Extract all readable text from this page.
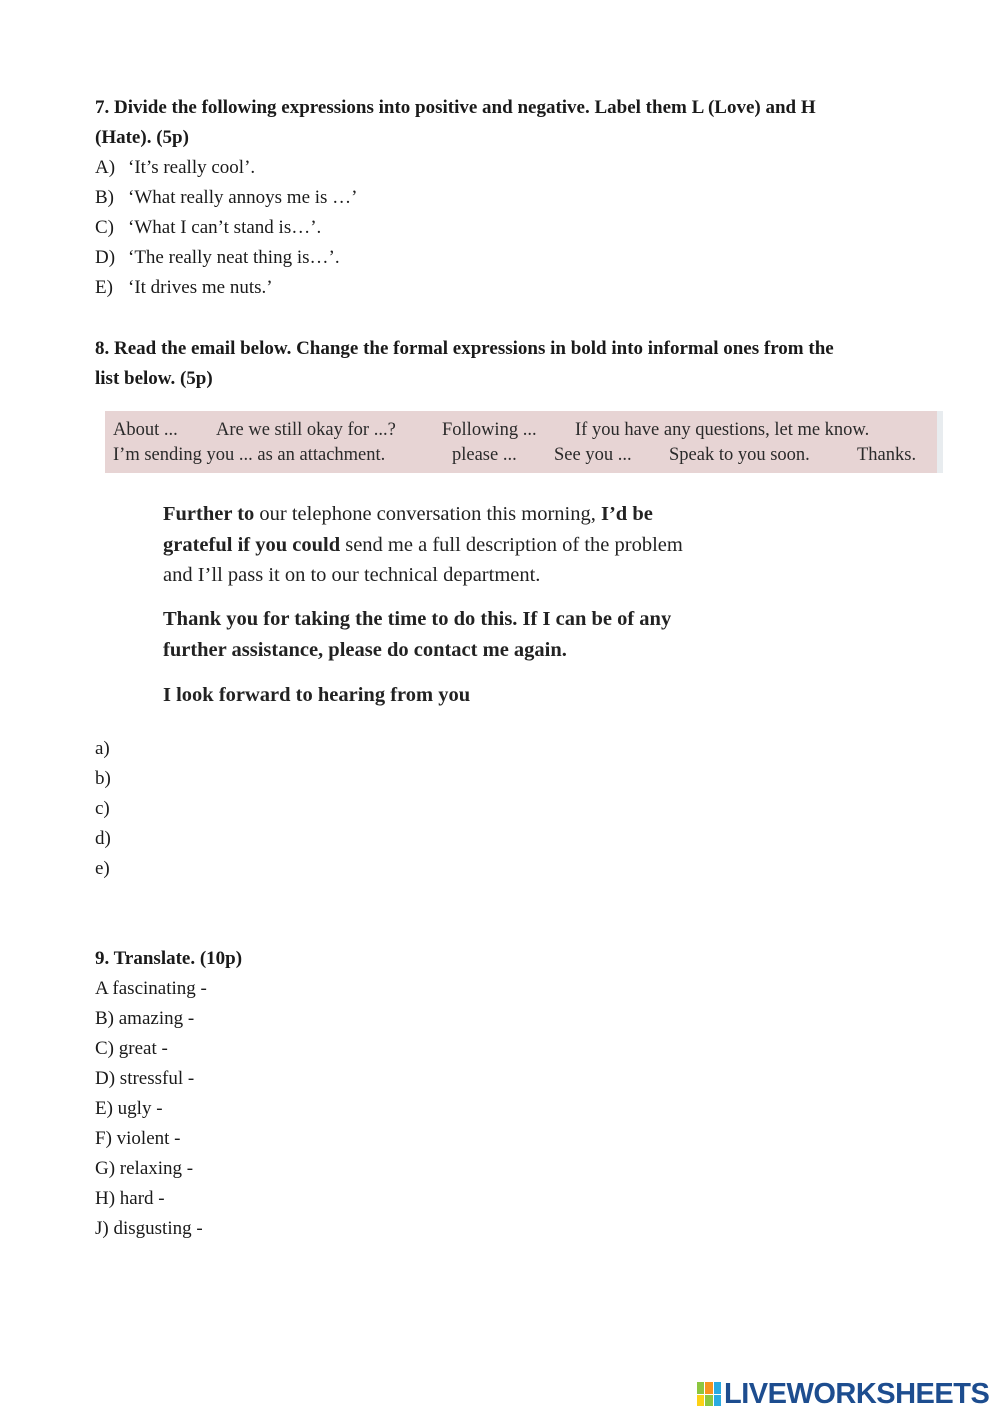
7. Divide the following expressions into positive and negative. Label them L (Love) and H
(Hate). (5p)
A) ‘It’s really cool’.
B) ‘What really annoys me is …’
C) ‘What I can’t stand is…’.
D) ‘The really neat thing is…’.
E) ‘It drives me nuts.’
8. Read the email below. Change the formal expressions in bold into informal ones from the
list below. (5p)
About ... Are we still okay for ...? Following ... If you have any questions, let me know.
I’m sending you ... as an attachment.	please ... See you ... Speak to you soon.	Thanks.
Further to our telephone conversation this morning, I’d be
grateful if you could send me a full description of the problem
and I’ll pass it on to our technical department.
Thank you for taking the time to do this. If I can be of any
further assistance, please do contact me again.
I look forward to hearing from you
a)
b)
c)
d)
e)
9. Translate. (10p)
A fascinating -
B) amazing -
C) great -
D) stressful -
E) ugly -
F) violent -
G) relaxing -
H) hard -
J) disgusting -
LIVEWORKSHEETS
